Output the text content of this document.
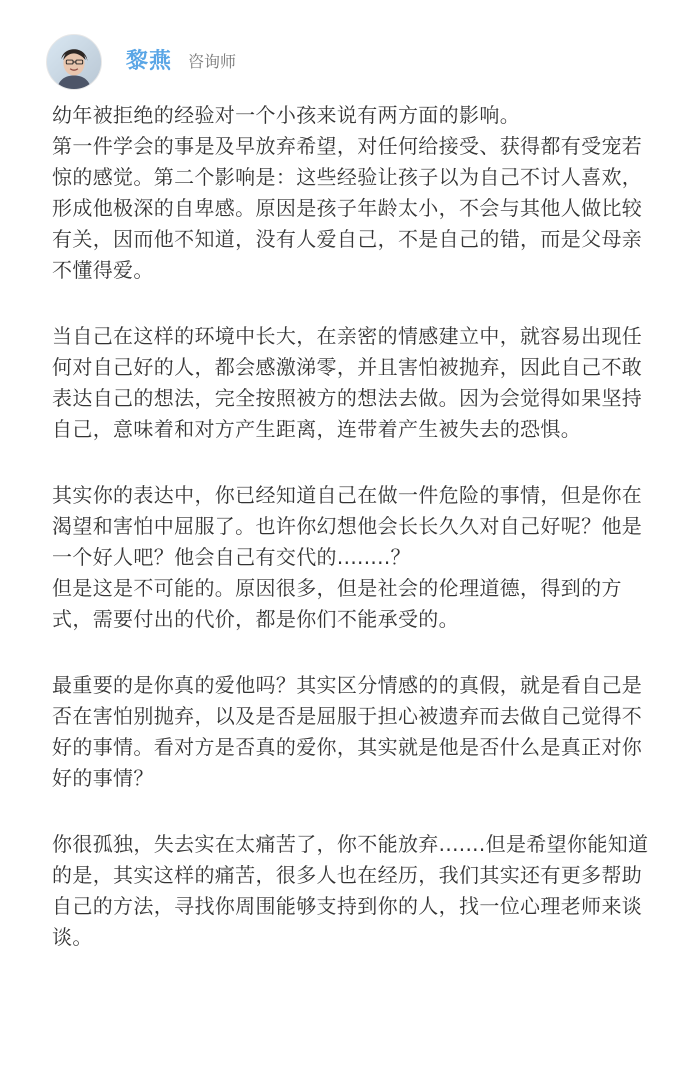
黎燕 咨询师

幼年被拒绝的经验对一个小孩来说有两方面的影响。
第一件学会的事是及早放弃希望，对任何给接受、获得都有受宠若惊的感觉。第二个影响是：这些经验让孩子以为自己不讨人喜欢，形成他极深的自卑感。原因是孩子年龄太小，不会与其他人做比较有关，因而他不知道，没有人爱自己，不是自己的错，而是父母亲不懂得爱。

当自己在这样的环境中长大，在亲密的情感建立中，就容易出现任何对自己好的人，都会感激涕零，并且害怕被抛弃，因此自己不敢表达自己的想法，完全按照被方的想法去做。因为会觉得如果坚持自己，意味着和对方产生距离，连带着产生被失去的恐惧。

其实你的表达中，你已经知道自己在做一件危险的事情，但是你在渴望和害怕中屈服了。也许你幻想他会长长久久对自己好呢？他是一个好人吧？他会自己有交代的........？
但是这是不可能的。原因很多，但是社会的伦理道德，得到的方式，需要付出的代价，都是你们不能承受的。

最重要的是你真的爱他吗？其实区分情感的的真假，就是看自己是否在害怕别抛弃，以及是否是屈服于担心被遗弃而去做自己觉得不好的事情。看对方是否真的爱你，其实就是他是否什么是真正对你好的事情？

你很孤独，失去实在太痛苦了，你不能放弃.......但是希望你能知道的是，其实这样的痛苦，很多人也在经历，我们其实还有更多帮助自己的方法，寻找你周围能够支持到你的人，找一位心理老师来谈谈。
